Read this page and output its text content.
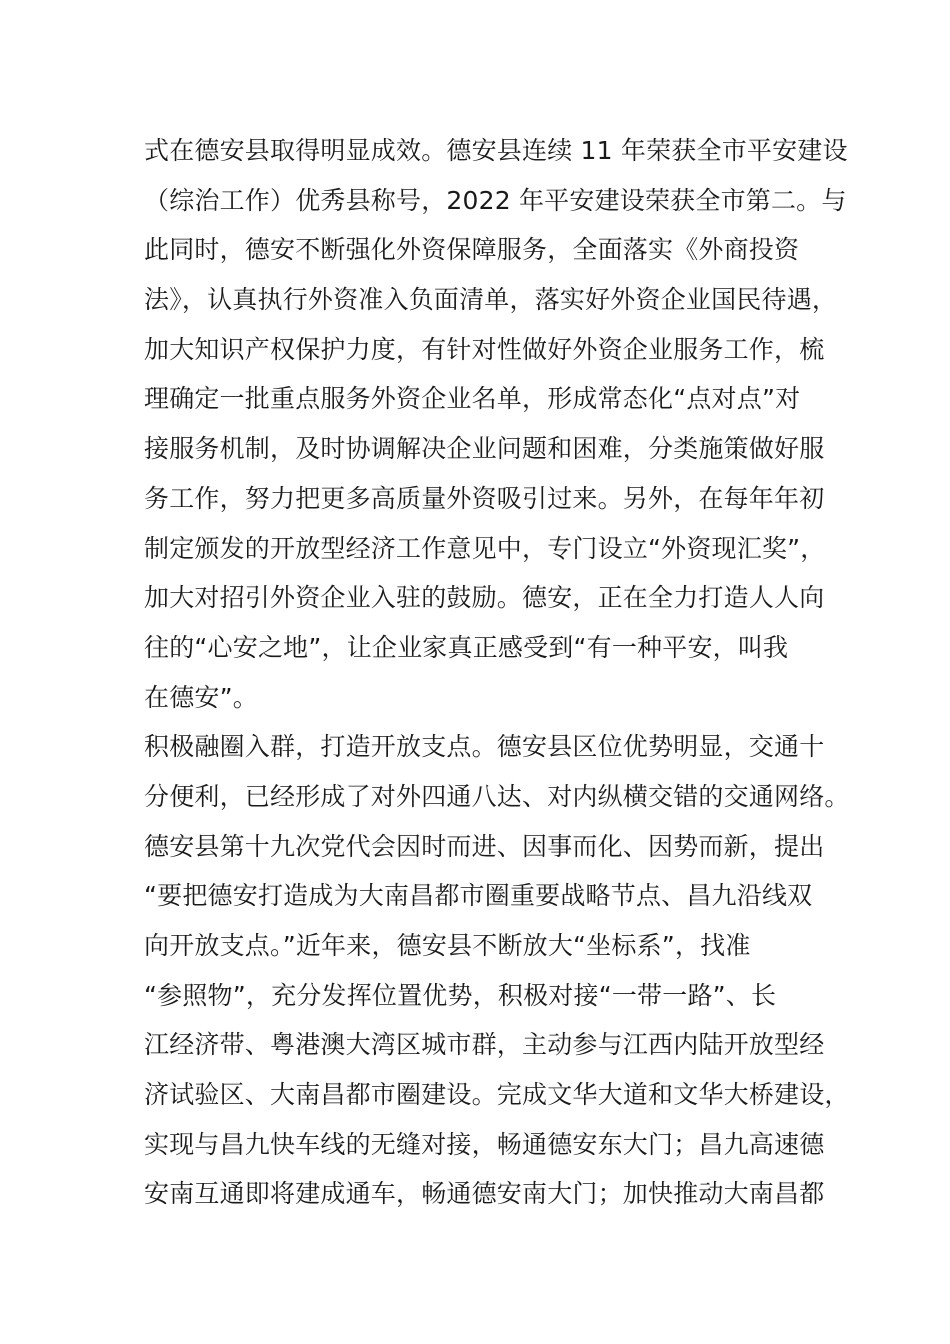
式在德安县取得明显成效。德安县连续 11 年荣获全市平安建设
（综治工作）优秀县称号，2022 年平安建设荣获全市第二。与
此同时，德安不断强化外资保障服务，全面落实《外商投资
法》，认真执行外资准入负面清单，落实好外资企业国民待遇，
加大知识产权保护力度，有针对性做好外资企业服务工作，梳
理确定一批重点服务外资企业名单，形成常态化“点对点”对
接服务机制，及时协调解决企业问题和困难，分类施策做好服
务工作，努力把更多高质量外资吸引过来。另外，在每年年初
制定颁发的开放型经济工作意见中，专门设立“外资现汇奖”，
加大对招引外资企业入驻的鼓励。德安，正在全力打造人人向
往的“心安之地”，让企业家真正感受到“有一种平安，叫我
在德安”。
积极融圈入群，打造开放支点。德安县区位优势明显，交通十
分便利，已经形成了对外四通八达、对内纵横交错的交通网络。
德安县第十九次党代会因时而进、因事而化、因势而新，提出
“要把德安打造成为大南昌都市圈重要战略节点、昌九沿线双
向开放支点。”近年来，德安县不断放大“坐标系”，找准
“参照物”，充分发挥位置优势，积极对接“一带一路”、长
江经济带、粤港澳大湾区城市群，主动参与江西内陆开放型经
济试验区、大南昌都市圈建设。完成文华大道和文华大桥建设，
实现与昌九快车线的无缝对接，畅通德安东大门；昌九高速德
安南互通即将建成通车，畅通德安南大门；加快推动大南昌都
